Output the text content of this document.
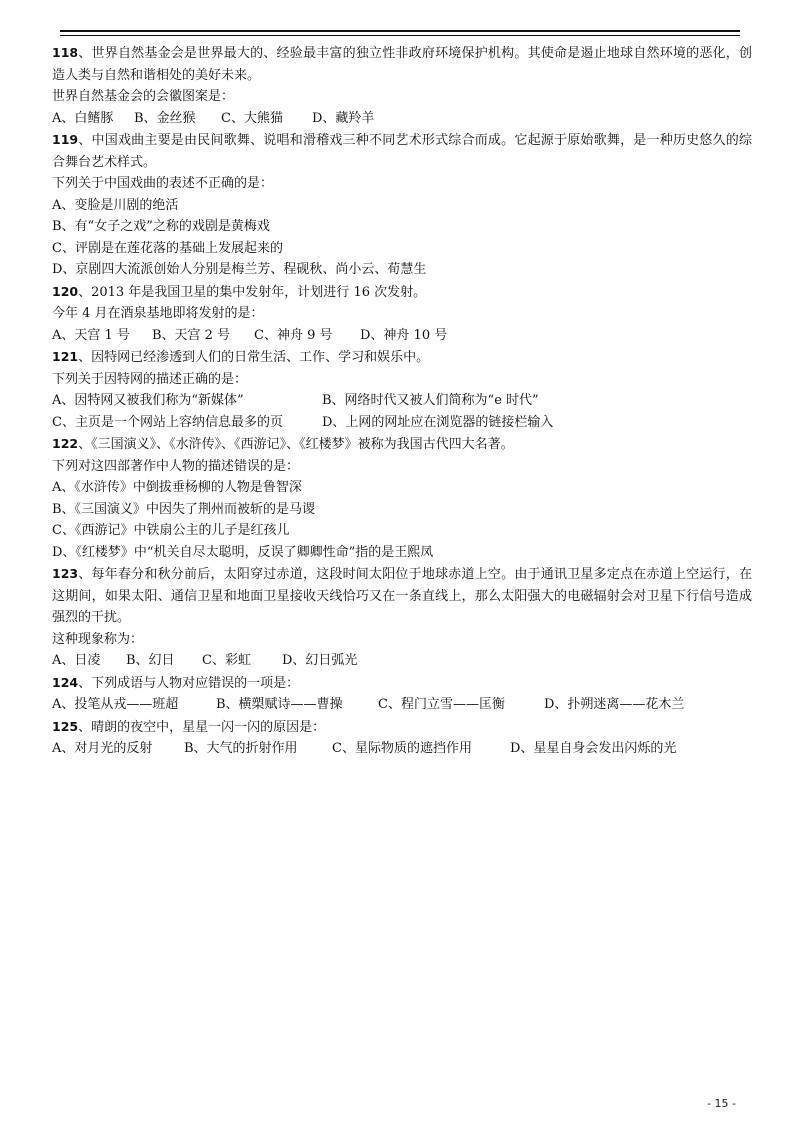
118、世界自然基金会是世界最大的、经验最丰富的独立性非政府环境保护机构。其使命是遏止地球自然环境的恶化，创造人类与自然和谐相处的美好未来。

世界自然基金会的会徽图案是：

A、白鳍豚 B、金丝猴 C、大熊猫 D、藏羚羊

119、中国戏曲主要是由民间歌舞、说唱和滑稽戏三种不同艺术形式综合而成。它起源于原始歌舞，是一种历史悠久的综合舞台艺术样式。

下列关于中国戏曲的表述不正确的是：

A、变脸是川剧的绝活

B、有“女子之戏”之称的戏剧是黄梅戏

C、评剧是在莲花落的基础上发展起来的

D、京剧四大流派创始人分别是梅兰芳、程砚秋、尚小云、荀慧生

120、2013 年是我国卫星的集中发射年，计划进行 16 次发射。

今年 4 月在酒泉基地即将发射的是：

A、天宫 1 号 B、天宫 2 号 C、神舟 9 号 D、神舟 10 号

121、因特网已经渗透到人们的日常生活、工作、学习和娱乐中。

下列关于因特网的描述正确的是：

A、因特网又被我们称为“新媒体”	B、网络时代又被人们简称为“e 时代”
C、主页是一个网站上容纳信息最多的页	D、上网的网址应在浏览器的链接栏输入

122、《三国演义》、《水浒传》、《西游记》、《红楼梦》被称为我国古代四大名著。

下列对这四部著作中人物的描述错误的是：

A、《水浒传》中倒拔垂杨柳的人物是鲁智深

B、《三国演义》中因失了荆州而被斩的是马谡

C、《西游记》中铁扇公主的儿子是红孩儿

D、《红楼梦》中“机关自尽太聪明，反误了卿卿性命”指的是王熙凤

123、每年春分和秋分前后，太阳穿过赤道，这段时间太阳位于地球赤道上空。由于通讯卫星多定点在赤道上空运行，在这期间，如果太阳、通信卫星和地面卫星接收天线恰巧又在一条直线上，那么太阳强大的电磁辐射会对卫星下行信号造成强烈的干扰。

这种现象称为：

A、日凌 B、幻日 C、彩虹 D、幻日弧光

124、下列成语与人物对应错误的一项是：

A、投笔从戎——班超	B、横槊赋诗——曹操	C、程门立雪——匡衡	D、扑朔迷离——花木兰

125、晴朗的夜空中，星星一闪一闪的原因是：

A、对月光的反射 B、大气的折射作用	C、星际物质的遮挡作用	D、星星自身会发出闪烁的光

- 15 -
